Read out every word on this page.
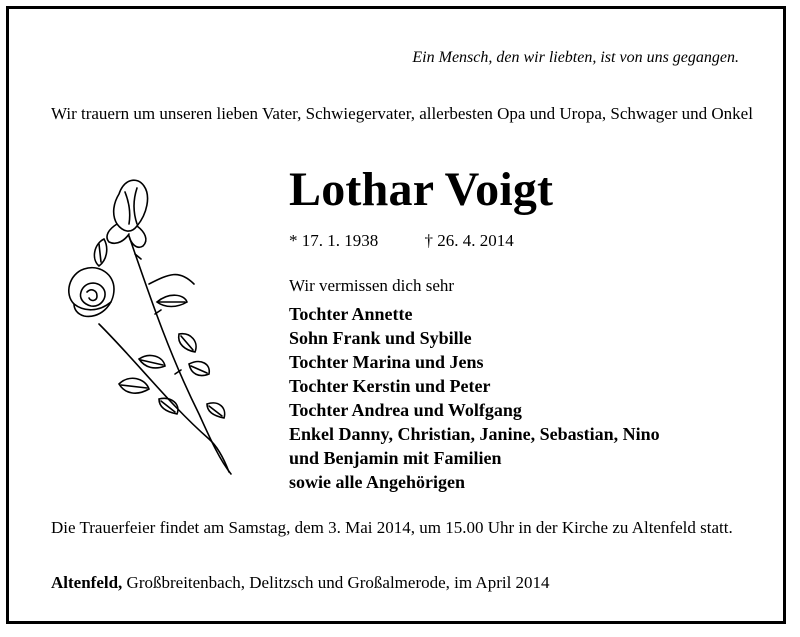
Ein Mensch, den wir liebten, ist von uns gegangen.
Wir trauern um unseren lieben Vater, Schwiegervater, allerbesten Opa und Uropa, Schwager und Onkel
Lothar Voigt
* 17. 1. 1938	† 26. 4. 2014
Wir vermissen dich sehr
Tochter Annette
Sohn Frank und Sybille
Tochter Marina und Jens
Tochter Kerstin und Peter
Tochter Andrea und Wolfgang
Enkel Danny, Christian, Janine, Sebastian, Nino
und Benjamin mit Familien
sowie alle Angehörigen
Die Trauerfeier findet am Samstag, dem 3. Mai 2014, um 15.00 Uhr in der Kirche zu Altenfeld statt.
Altenfeld, Großbreitenbach, Delitzsch und Großalmerode, im April 2014
